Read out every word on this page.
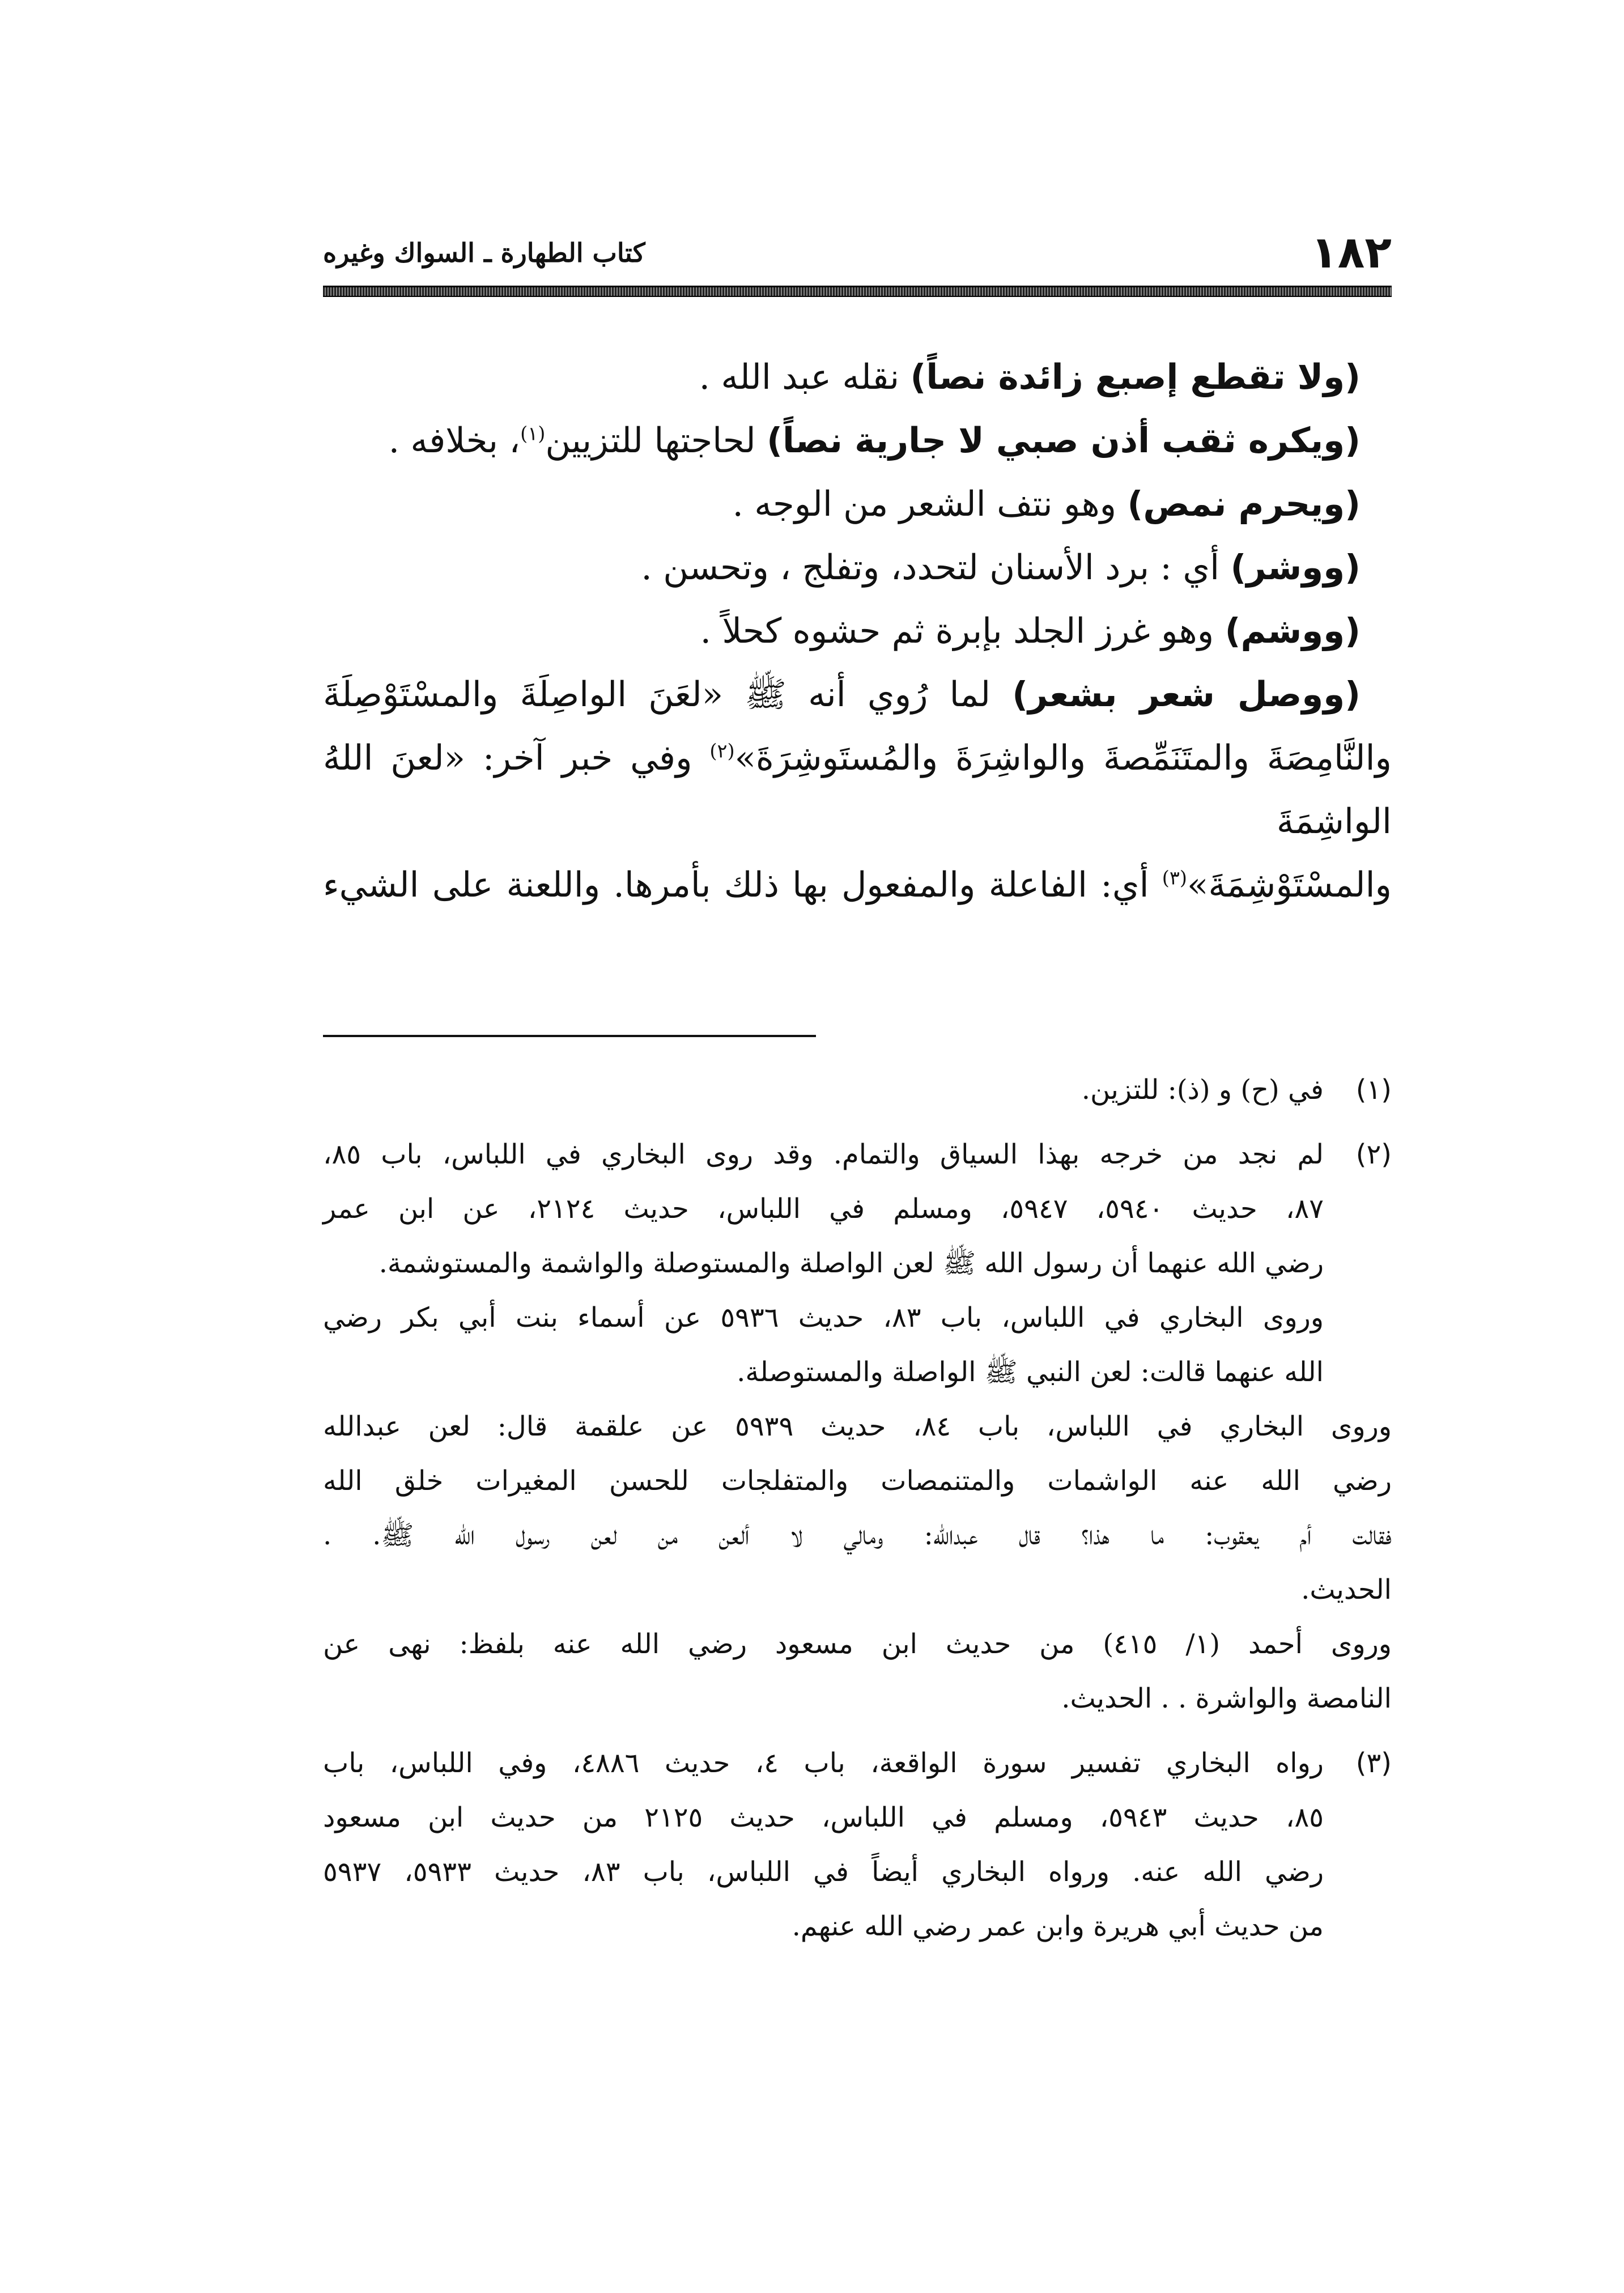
١٨٢
كتاب الطهارة ـ السواك وغيره

(ولا تقطع إصبع زائدة نصاً) نقله عبد الله .

(ويكره ثقب أذن صبي لا جارية نصاً) لحاجتها للتزيين$^{(١)}$، بخلافه .

(ويحرم نمص) وهو نتف الشعر من الوجه .

(ووشر) أي : برد الأسنان لتحدد، وتفلج ، وتحسن .

(ووشم) وهو غرز الجلد بإبرة ثم حشوه كحلاً .

(ووصل شعر بشعر) لما رُوي أنه ﷺ «لعَنَ الواصِلَةَ والمسْتَوْصِلَةَ

والنَّامِصَةَ والمتَنَمِّصةَ والواشِرَةَ والمُستَوشِرَةَ»$^{(٢)}$ وفي خبر آخر: «لعنَ اللهُ الواشِمَةَ

والمسْتَوْشِمَةَ»$^{(٣)}$ أي: الفاعلة والمفعول بها ذلك بأمرها. واللعنة على الشيء

(١)في (ح) و (ذ): للتزين.
(٢)لم نجد من خرجه بهذا السياق والتمام. وقد روى البخاري في اللباس، باب ٨٥،
٨٧، حديث ٥٩٤٠، ٥٩٤٧، ومسلم في اللباس، حديث ٢١٢٤، عن ابن عمر
رضي الله عنهما أن رسول الله ﷺ لعن الواصلة والمستوصلة والواشمة والمستوشمة.
وروى البخاري في اللباس، باب ٨٣، حديث ٥٩٣٦ عن أسماء بنت أبي بكر رضي
الله عنهما قالت: لعن النبي ﷺ الواصلة والمستوصلة.
وروى البخاري في اللباس، باب ٨٤، حديث ٥٩٣٩ عن علقمة قال: لعن عبدالله
رضي الله عنه الواشمات والمتنمصات والمتفلجات للحسن المغيرات خلق الله
فقالت أم يعقوب: ما هذا؟ قال عبدالله: ومالي لا ألعن من لعن رسول الله ﷺ. .
الحديث.
وروى أحمد (١/ ٤١٥) من حديث ابن مسعود رضي الله عنه بلفظ: نهى عن
النامصة والواشرة . . الحديث.
(٣)رواه البخاري تفسير سورة الواقعة، باب ٤، حديث ٤٨٨٦، وفي اللباس، باب
٨٥، حديث ٥٩٤٣، ومسلم في اللباس، حديث ٢١٢٥ من حديث ابن مسعود
رضي الله عنه. ورواه البخاري أيضاً في اللباس، باب ٨٣، حديث ٥٩٣٣، ٥٩٣٧
من حديث أبي هريرة وابن عمر رضي الله عنهم.
